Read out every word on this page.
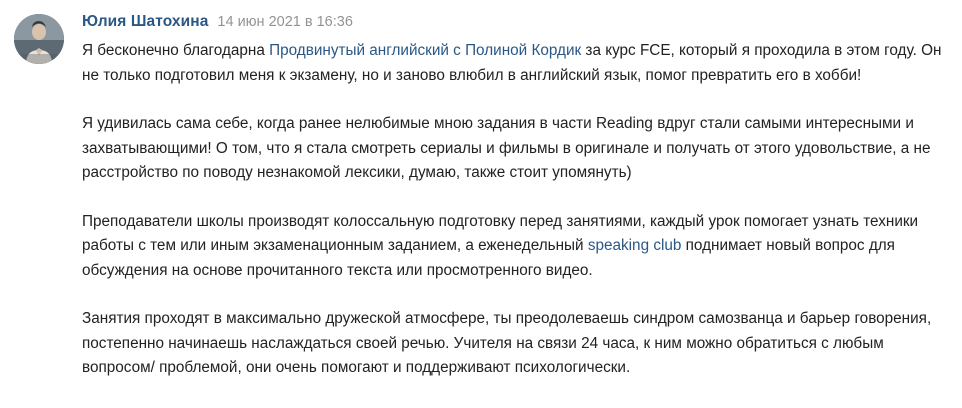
Юлия Шатохина 14 июн 2021 в 16:36

Я бесконечно благодарна Продвинутый английский с Полиной Кордик за курс FCE, который я проходила в этом году. Он не только подготовил меня к экзамену, но и заново влюбил в английский язык, помог превратить его в хобби!

Я удивилась сама себе, когда ранее нелюбимые мною задания в части Reading вдруг стали самыми интересными и захватывающими! О том, что я стала смотреть сериалы и фильмы в оригинале и получать от этого удовольствие, а не расстройство по поводу незнакомой лексики, думаю, также стоит упомянуть)

Преподаватели школы производят колоссальную подготовку перед занятиями, каждый урок помогает узнать техники работы с тем или иным экзаменационным заданием, а еженедельный speaking club поднимает новый вопрос для обсуждения на основе прочитанного текста или просмотренного видео.

Занятия проходят в максимально дружеской атмосфере, ты преодолеваешь синдром самозванца и барьер говорения, постепенно начинаешь наслаждаться своей речью. Учителя на связи 24 часа, к ним можно обратиться с любым вопросом/ проблемой, они очень помогают и поддерживают психологически.
